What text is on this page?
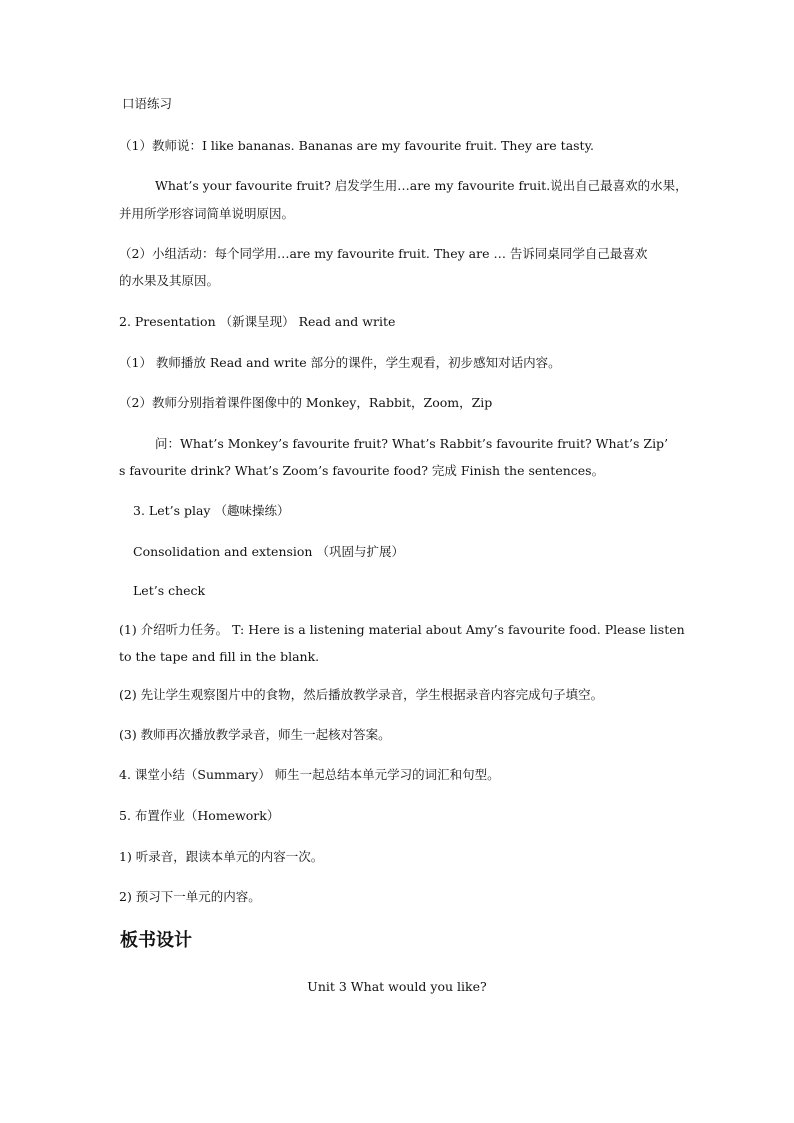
口语练习
（1）教师说：I like bananas. Bananas are my favourite fruit. They are tasty.
What’s your favourite fruit? 启发学生用…are my favourite fruit.说出自己最喜欢的水果，
并用所学形容词简单说明原因。
（2）小组活动：每个同学用…are my favourite fruit. They are … 告诉同桌同学自己最喜欢
的水果及其原因。
2. Presentation （新课呈现） Read and write
（1） 教师播放 Read and write 部分的课件，学生观看，初步感知对话内容。
（2）教师分别指着课件图像中的 Monkey，Rabbit，Zoom，Zip
问：What’s Monkey’s favourite fruit? What’s Rabbit’s favourite fruit? What’s Zip’
s favourite drink? What’s Zoom’s favourite food? 完成 Finish the sentences。
3. Let’s play （趣味操练）
Consolidation and extension （巩固与扩展）
Let’s check
(1) 介绍听力任务。 T: Here is a listening material about Amy’s favourite food. Please listen
to the tape and fill in the blank.
(2) 先让学生观察图片中的食物，然后播放教学录音，学生根据录音内容完成句子填空。
(3) 教师再次播放教学录音，师生一起核对答案。
4. 课堂小结（Summary） 师生一起总结本单元学习的词汇和句型。
5. 布置作业（Homework）
1) 听录音，跟读本单元的内容一次。
2) 预习下一单元的内容。
板书设计
Unit 3 What would you like?
